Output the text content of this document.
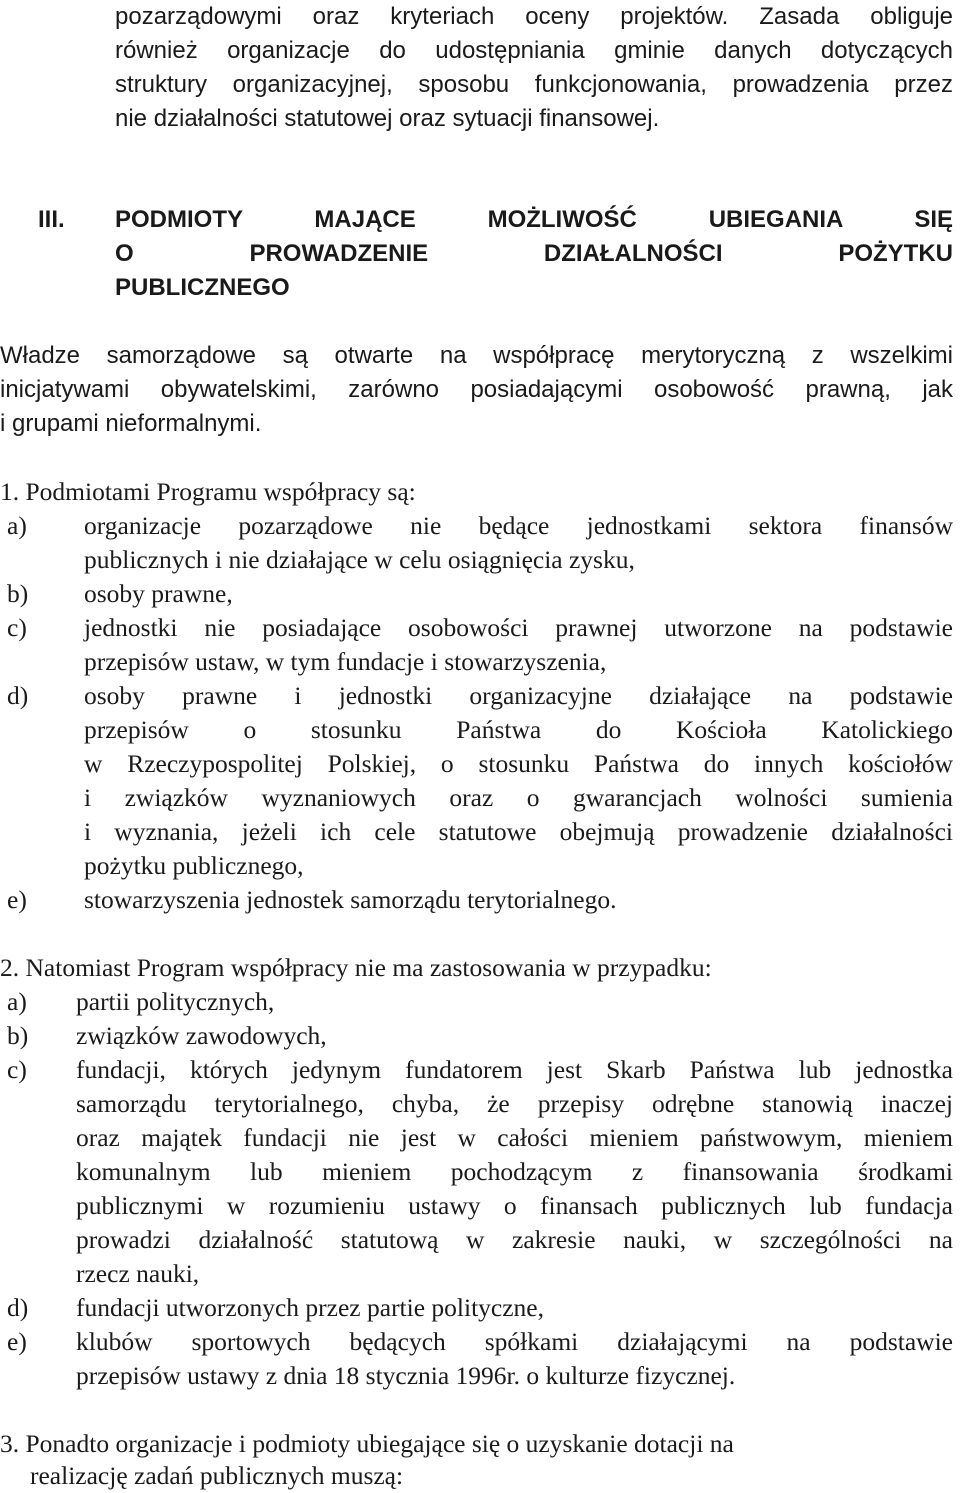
pozarządowymi oraz kryteriach oceny projektów. Zasada obliguje
również organizacje do udostępniania gminie danych dotyczących
struktury organizacyjnej, sposobu funkcjonowania, prowadzenia przez
nie działalności statutowej oraz sytuacji finansowej.
III. PODMIOTY MAJĄCE MOŻLIWOŚĆ UBIEGANIA SIĘ
O PROWADZENIE DZIAŁALNOŚCI POŻYTKU
PUBLICZNEGO
Władze samorządowe są otwarte na współpracę merytoryczną z wszelkimi
inicjatywami obywatelskimi, zarówno posiadającymi osobowość prawną, jak
i grupami nieformalnymi.
1. Podmiotami Programu współpracy są:
a) organizacje pozarządowe nie będące jednostkami sektora finansów
publicznych i nie działające w celu osiągnięcia zysku,
b) osoby prawne,
c) jednostki nie posiadające osobowości prawnej utworzone na podstawie
przepisów ustaw, w tym fundacje i stowarzyszenia,
d) osoby prawne i jednostki organizacyjne działające na podstawie
przepisów o stosunku Państwa do Kościoła Katolickiego
w Rzeczypospolitej Polskiej, o stosunku Państwa do innych kościołów
i związków wyznaniowych oraz o gwarancjach wolności sumienia
i wyznania, jeżeli ich cele statutowe obejmują prowadzenie działalności
pożytku publicznego,
e) stowarzyszenia jednostek samorządu terytorialnego.
2. Natomiast Program współpracy nie ma zastosowania w przypadku:
a) partii politycznych,
b) związków zawodowych,
c) fundacji, których jedynym fundatorem jest Skarb Państwa lub jednostka
samorządu terytorialnego, chyba, że przepisy odrębne stanowią inaczej
oraz majątek fundacji nie jest w całości mieniem państwowym, mieniem
komunalnym lub mieniem pochodzącym z finansowania środkami
publicznymi w rozumieniu ustawy o finansach publicznych lub fundacja
prowadzi działalność statutową w zakresie nauki, w szczególności na
rzecz nauki,
d) fundacji utworzonych przez partie polityczne,
e) klubów sportowych będących spółkami działającymi na podstawie
przepisów ustawy z dnia 18 stycznia 1996r. o kulturze fizycznej.
3. Ponadto organizacje i podmioty ubiegające się o uzyskanie dotacji na
realizację zadań publicznych muszą:
